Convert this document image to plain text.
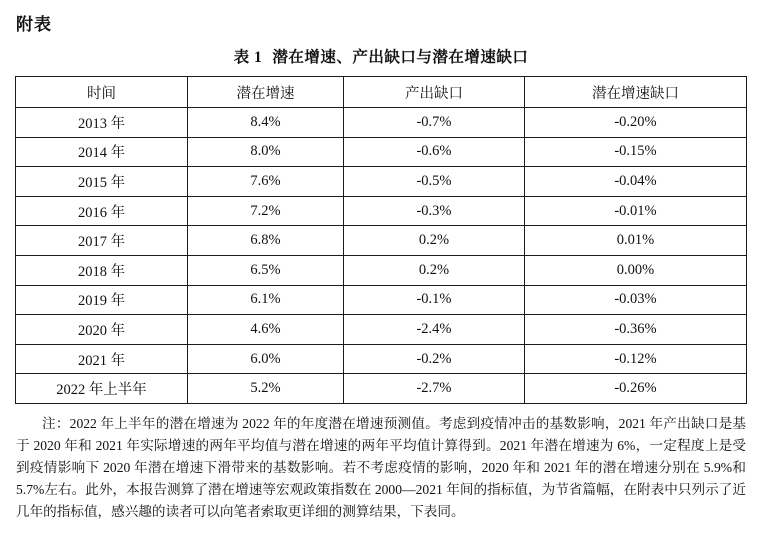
附表
表 1 潜在增速、产出缺口与潜在增速缺口
时间	潜在增速	产出缺口	潜在增速缺口
2013 年	8.4%	-0.7%	-0.20%
2014 年	8.0%	-0.6%	-0.15%
2015 年	7.6%	-0.5%	-0.04%
2016 年	7.2%	-0.3%	-0.01%
2017 年	6.8%	0.2%	0.01%
2018 年	6.5%	0.2%	0.00%
2019 年	6.1%	-0.1%	-0.03%
2020 年	4.6%	-2.4%	-0.36%
2021 年	6.0%	-0.2%	-0.12%
2022 年上半年	5.2%	-2.7%	-0.26%
注：2022 年上半年的潜在增速为 2022 年的年度潜在增速预测值。考虑到疫情冲击的基数影响，2021 年产出缺口是基于 2020 年和 2021 年实际增速的两年平均值与潜在增速的两年平均值计算得到。2021 年潜在增速为 6%，一定程度上是受到疫情影响下 2020 年潜在增速下滑带来的基数影响。若不考虑疫情的影响，2020 年和 2021 年的潜在增速分别在 5.9%和 5.7%左右。此外，本报告测算了潜在增速等宏观政策指数在 2000—2021 年间的指标值，为节省篇幅，在附表中只列示了近几年的指标值，感兴趣的读者可以向笔者索取更详细的测算结果，下表同。
